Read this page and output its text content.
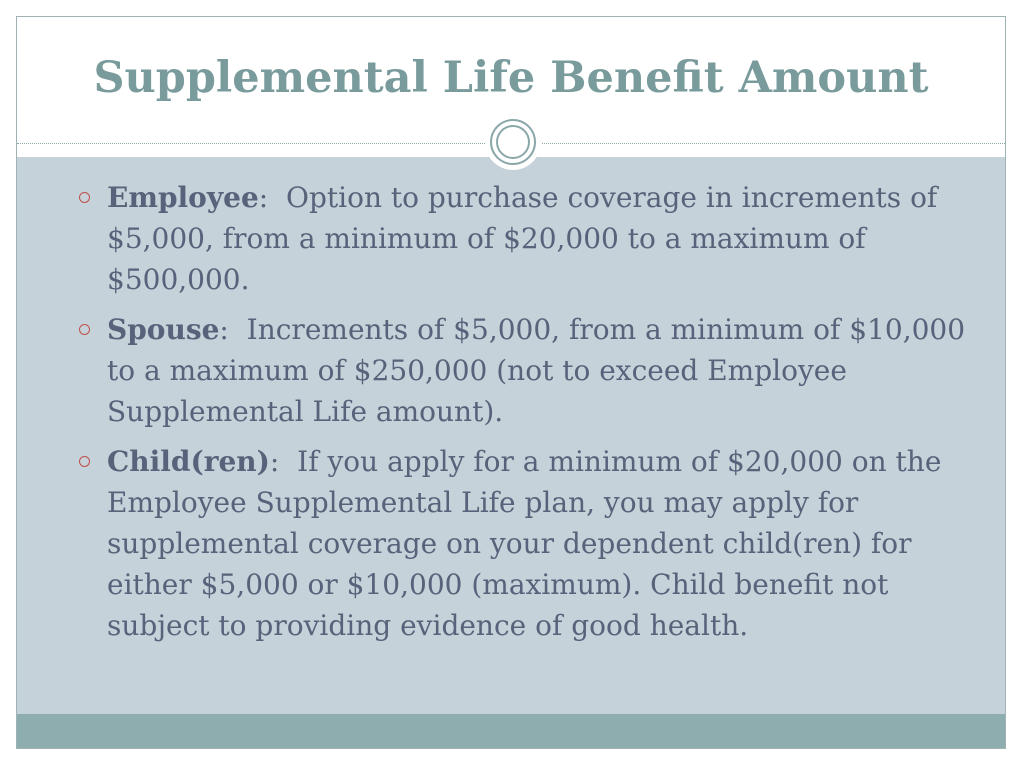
Supplemental Life Benefit Amount
Employee:  Option to purchase coverage in increments of $5,000, from a minimum of $20,000 to a maximum of $500,000.
Spouse:  Increments of $5,000, from a minimum of $10,000 to a maximum of $250,000 (not to exceed Employee Supplemental Life amount).
Child(ren):  If you apply for a minimum of $20,000 on the Employee Supplemental Life plan, you may apply for supplemental coverage on your dependent child(ren) for either $5,000 or $10,000 (maximum). Child benefit not subject to providing evidence of good health.
